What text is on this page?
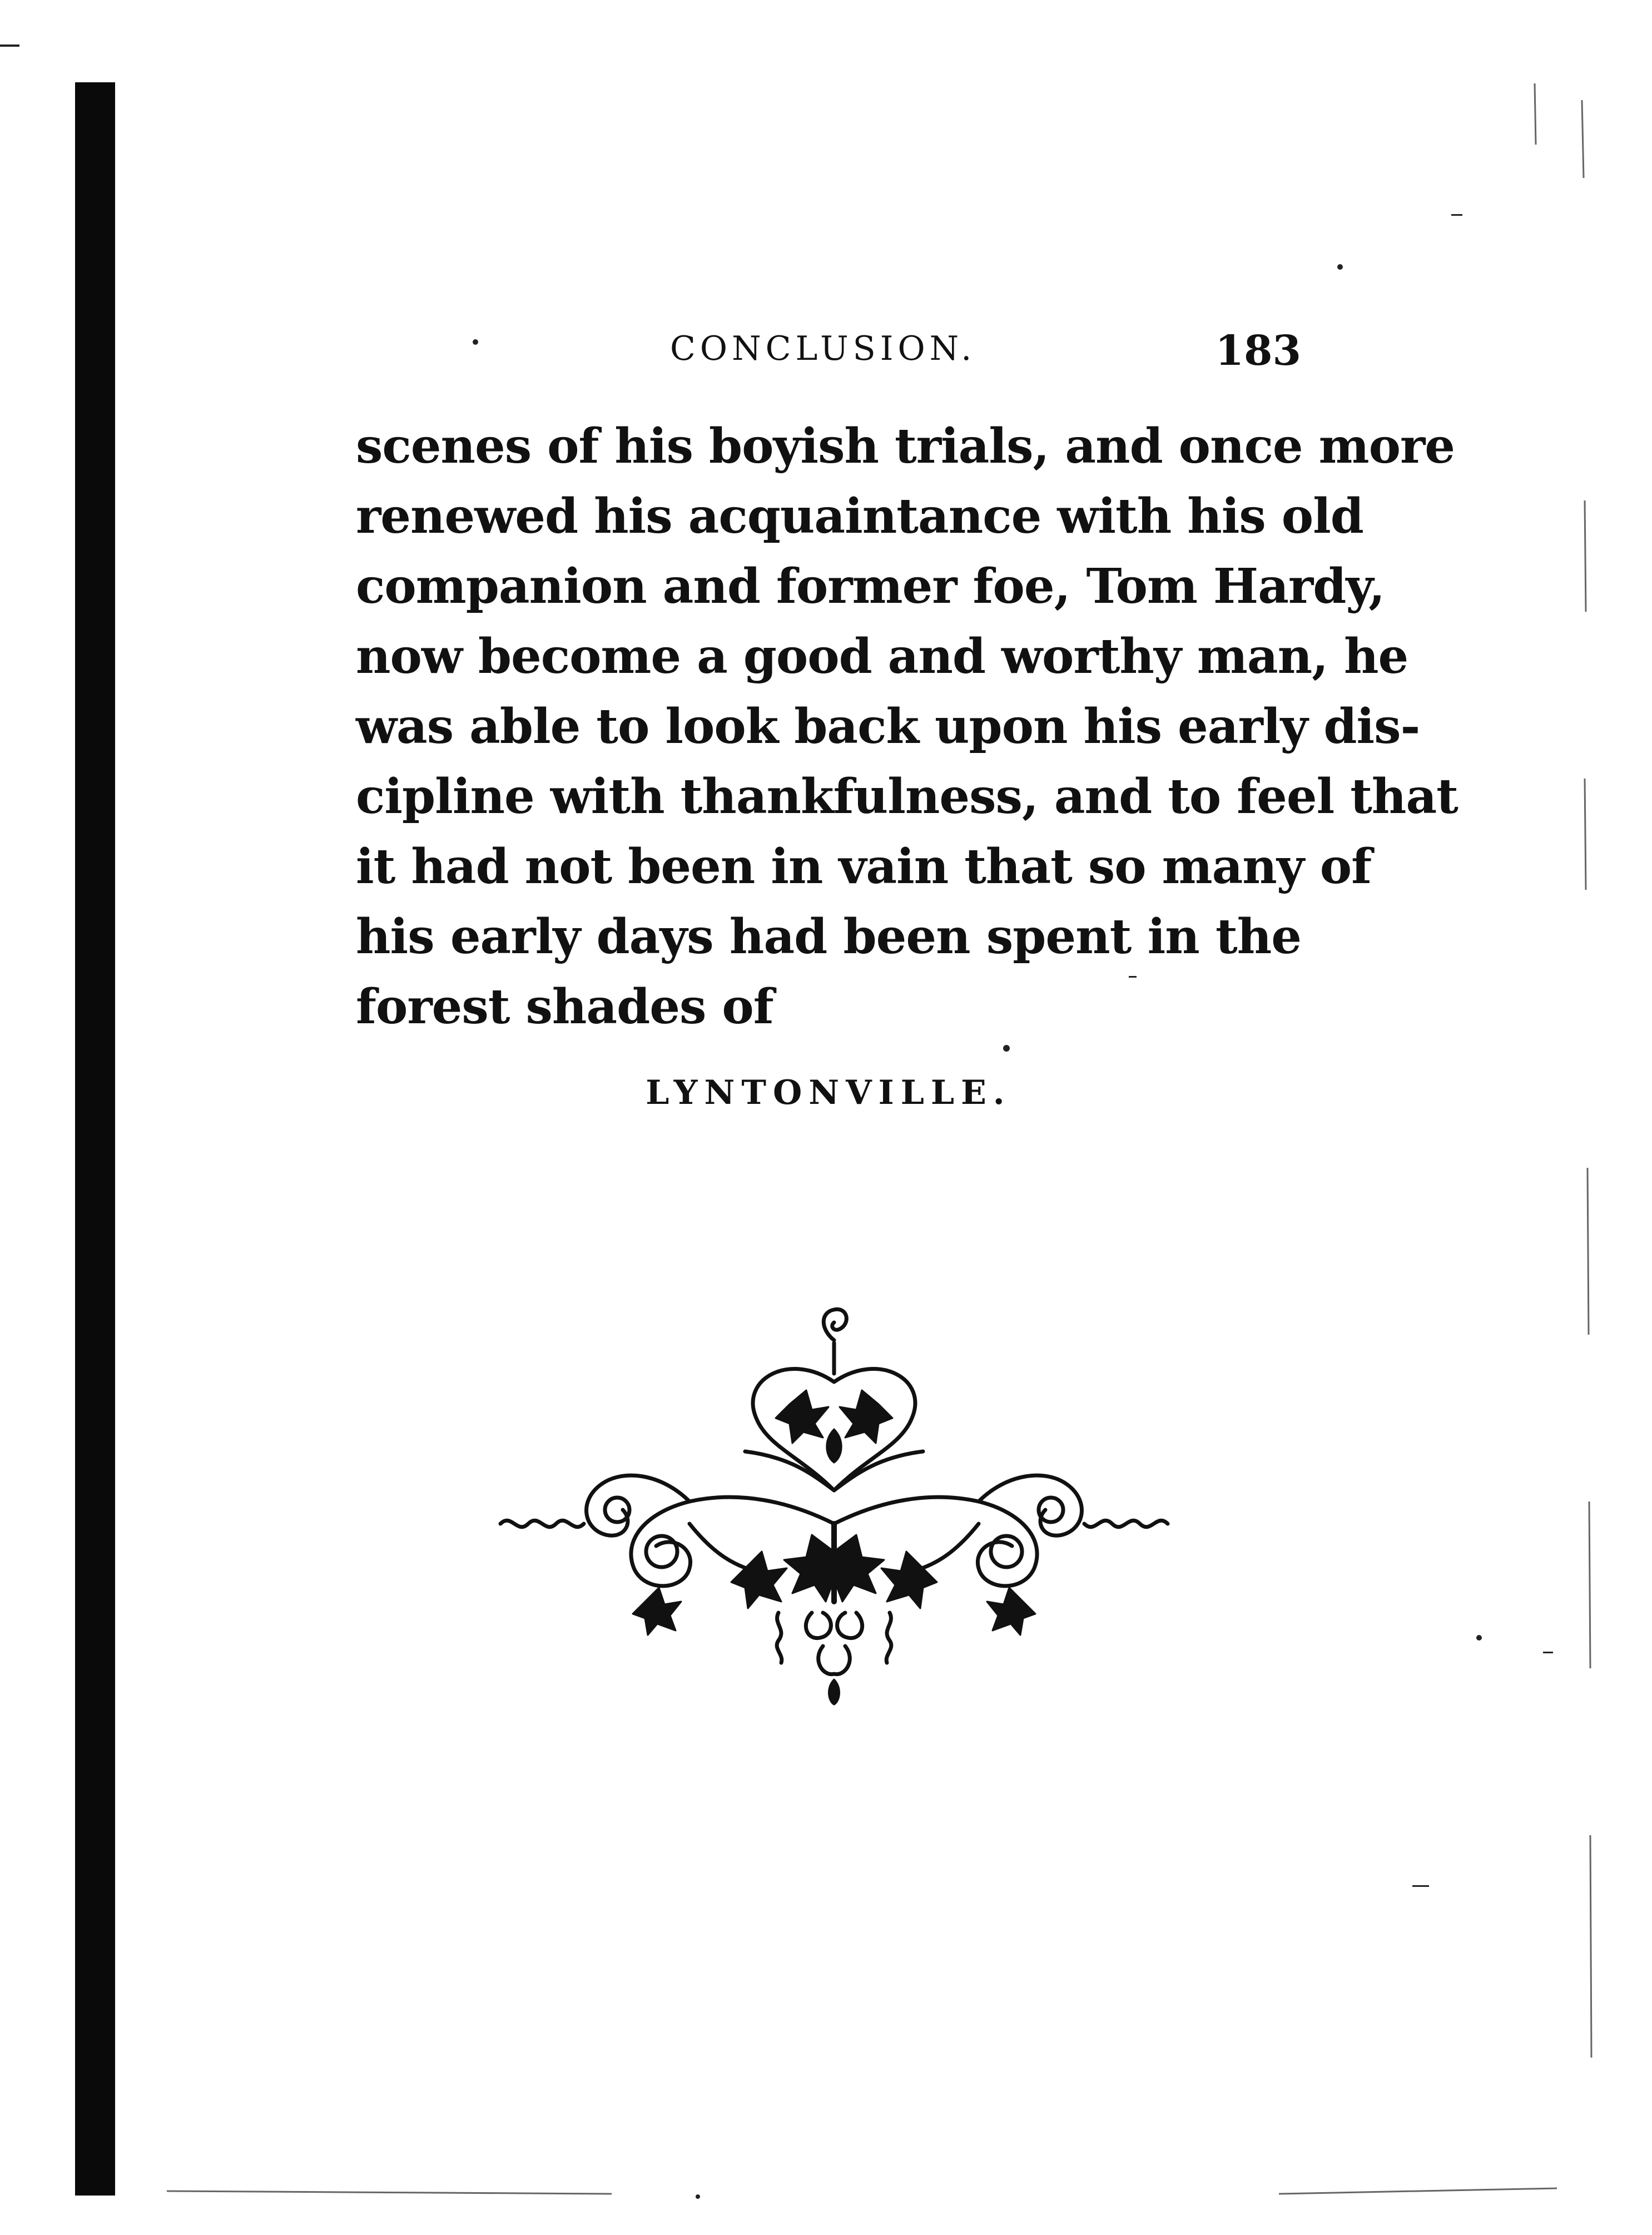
CONCLUSION.	183
scenes of his boyish trials, and once more
renewed his acquaintance with his old
companion and former foe, Tom Hardy,
now become a good and worthy man, he
was able to look back upon his early dis-
cipline with thankfulness, and to feel that
it had not been in vain that so many of
his early days had been spent in the
forest shades of
LYNTONVILLE.
